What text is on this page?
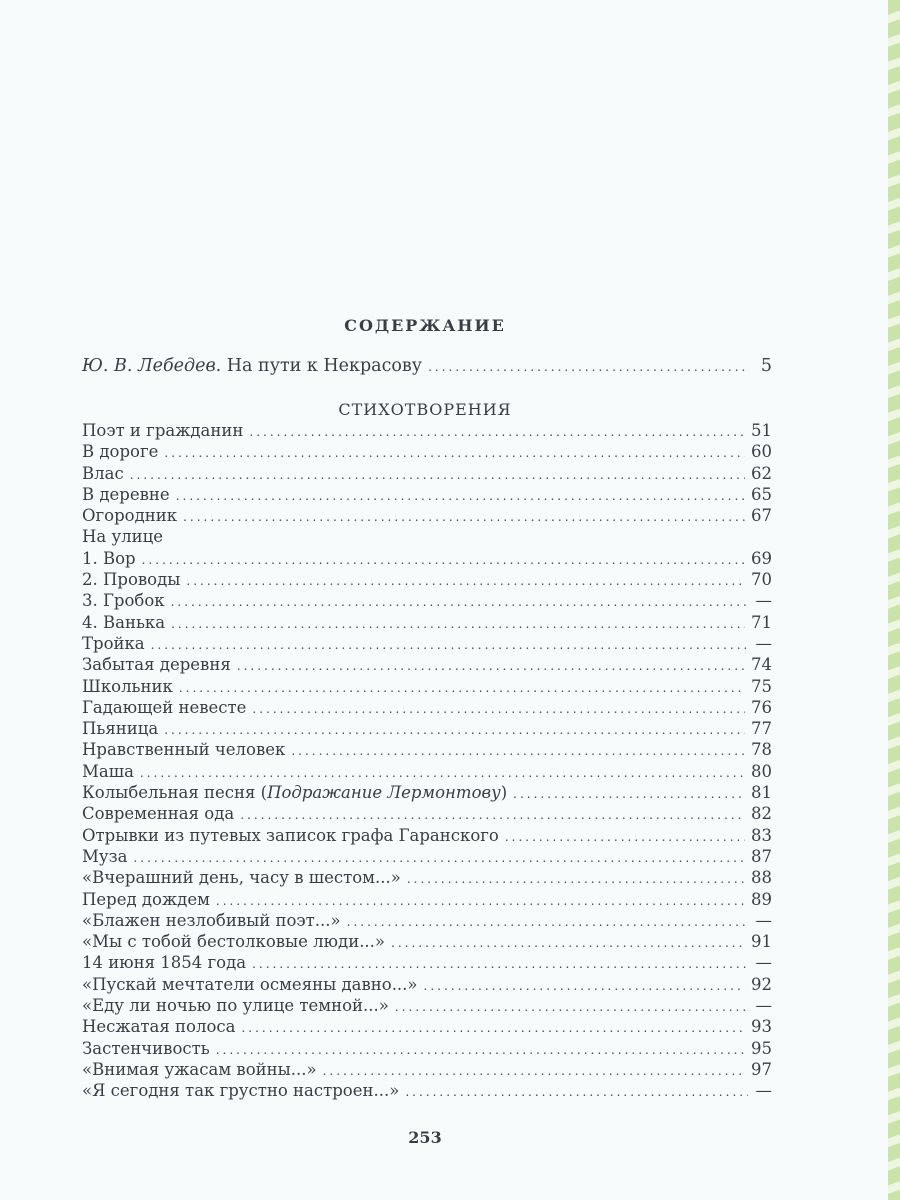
СОДЕРЖАНИЕ
Ю. В. Лебедев. На пути к Некрасову .....	5
СТИХОТВОРЕНИЯ
Поэт и гражданин .....	51
В дороге .....	60
Влас .....	62
В деревне .....	65
Огородник .....	67
На улице
1. Вор .....	69
2. Проводы .....	70
3. Гробок .....	—
4. Ванька .....	71
Тройка .....	—
Забытая деревня .....	74
Школьник .....	75
Гадающей невесте .....	76
Пьяница .....	77
Нравственный человек .....	78
Маша .....	80
Колыбельная песня (Подражание Лермонтову) .....	81
Современная ода .....	82
Отрывки из путевых записок графа Гаранского .....	83
Муза .....	87
«Вчерашний день, часу в шестом...» .....	88
Перед дождем .....	89
«Блажен незлобивый поэт...» .....	—
«Мы с тобой бестолковые люди...» .....	91
14 июня 1854 года .....	—
«Пускай мечтатели осмеяны давно...» .....	92
«Еду ли ночью по улице темной...» .....	—
Несжатая полоса .....	93
Застенчивость .....	95
«Внимая ужасам войны...» .....	97
«Я сегодня так грустно настроен...» .....	—
253
